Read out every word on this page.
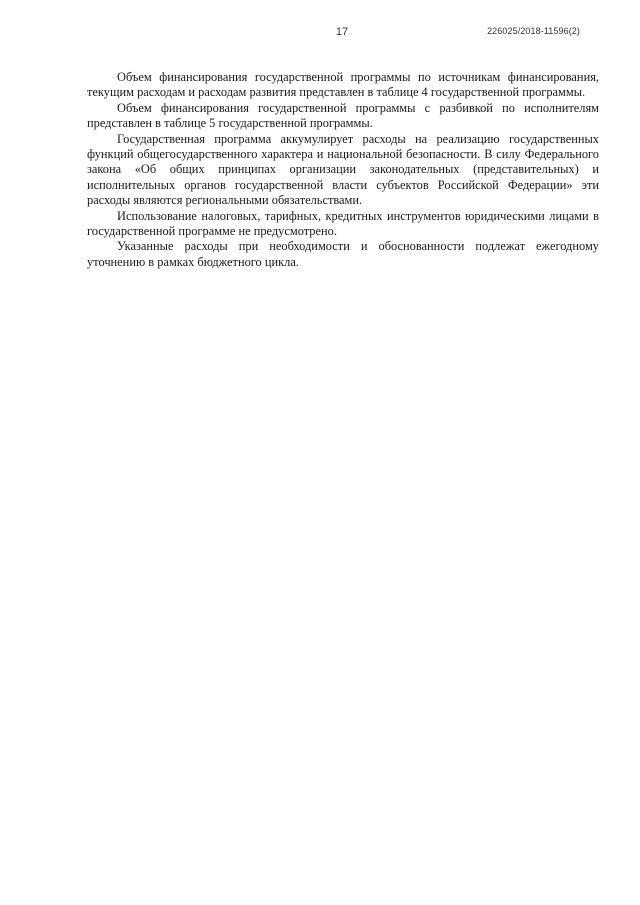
17	226025/2018-11596(2)

Объем финансирования государственной программы по источникам финансирования, текущим расходам и расходам развития представлен в таблице 4 государственной программы.

Объем финансирования государственной программы с разбивкой по исполнителям представлен в таблице 5 государственной программы.

Государственная программа аккумулирует расходы на реализацию государственных функций общегосударственного характера и национальной безопасности. В силу Федерального закона «Об общих принципах организации законодательных (представительных) и исполнительных органов государственной власти субъектов Российской Федерации» эти расходы являются региональными обязательствами.

Использование налоговых, тарифных, кредитных инструментов юридическими лицами в государственной программе не предусмотрено.

Указанные расходы при необходимости и обоснованности подлежат ежегодному уточнению в рамках бюджетного цикла.
